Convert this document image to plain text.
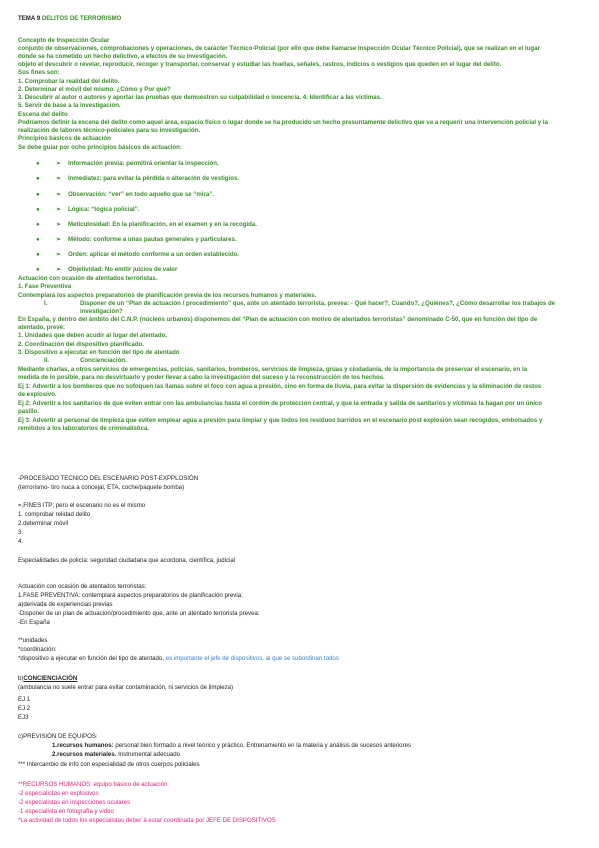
TEMA 9 DELITOS DE TERRORISMO
Concepto de Inspección Ocular
conjunto de observaciones, comprobaciones y operaciones, de carácter Técnico-Policial (por ello que debe llamarse Inspección Ocular Técnico Policial), que se realizan en el lugar
donde se ha cometido un hecho delictivo, a efectos de su investigación.
objeto el descubrir o revelar, reproducir, recoger y transportar, conservar y estudiar las huellas, señales, rastros, indicios o vestigios que queden en el lugar del delito.
Sus fines son:
1. Comprobar la realidad del delito.
2. Determinar el móvil del mismo. ¿Cómo y Por qué?
3. Descubrir al autor o autores y aportar las pruebas que demuestren su culpabilidad o inocencia. 4. Identificar a las víctimas.
5. Servir de base a la investigación.
Escena del delito
Podríamos definir la escena del delito como aquel área, espacio físico o lugar donde se ha producido un hecho presuntamente delictivo que va a requerir una intervención policial y la
realización de labores técnico-policiales para su investigación.
Principios básicos de actuación
Se debe guiar por ocho principios básicos de actuación:
●	➢ Información previa: permitirá orientar la inspección.
●	➢ Inmediatez: para evitar la pérdida o alteración de vestigios.
●	➢ Observación: “ver” en todo aquello que se “mira”.
●	➢ Lógica: “lógica policial”.
●	➢ Meticulosidad: En la planificación, en el examen y en la recogida.
●	➢ Método: conforme a unas pautas generales y particulares.
●	➢ Orden: aplicar el método conforme a un orden establecido.
●	➢ Objetividad: No emitir juicios de valor
Actuación con ocasión de atentados terroristas.
1. Fase Preventiva
Contemplará los aspectos preparatorios de planificación previa de los recursos humanos y materiales.
I.	Disponer de un “Plan de actuación / procedimiento” que, ante un atentado terrorista, prevea: - Qué hacer?, Cuando?, ¿Quiénes?, ¿Cómo desarrollar los trabajos de
investigación?
En España, y dentro del ámbito del C.N.P. (núcleos urbanos) disponemos del “Plan de actuación con motivo de atentados terroristas” denominado C-50, que en función del tipo de
atentado, prevé:
1. Unidades que deben acudir al lugar del atentado.
2. Coordinación del dispositivo planificado.
3. Dispositivo a ejecutar en función del tipo de atentado
II.	Concienciación.
Mediante charlas, a otros servicios de emergencias, policías, sanitarios, bomberos, servicios de limpieza, grúas y ciudadanía, de la importancia de preservar el escenario, en la
medida de lo posible, para no desvirtuarlo y poder llevar a cabo la investigación del suceso y la reconstrucción de los hechos.
Ej 1: Advertir a los bomberos que no sofoquen las llamas sobre el foco con agua a presión, sino en forma de lluvia, para evitar la dispersión de evidencias y la eliminación de restos
de explosivo.
Ej 2: Advertir a los sanitarios de que eviten entrar con las ambulancias hasta el cordón de protección central, y que la entrada y salida de sanitarios y víctimas la hagan por un único
pasillo.
Ej 3: Advertir al personal de limpieza que eviten emplear agua a presión para limpiar y que todos los residuos barridos en el escenario post explosión sean recogidos, embolsados y
remitidos a los laboratorios de criminalística.
-PROCESADO TECNICO DEL ESCENARIO POST-EXPPLOSIÓN
(terrorismo- tiro nuca a concejal, ETA, coche/paquete bomba)
=,FINES ITP; pero el escenario no es el mismo
1. comprobar relidad delito
2.determinar móvil
3.
4.
Especialidades de policía: seguridad ciudadana que acordona, científica, judicial
Actuación con ocasión de atentados terroristas:
1.FASE PREVENTIVA: contemplará aspectos preparatorios de planificación previa:
a)derivada de experiencias previas
-Disponer de un plan de actuacion/procedimiento que, ante un atentado terrorista prevea:
-En España
**unidades
*coordinación:
*dispositivo a ejecutar en función del tipo de atentado, es importante el jefe de dispositivos, al que se subordinan todos
b)CONCIENCIACIÓN
(ambulancia no suele entrar para evitar contaminación, ni servicios de limpieza)
EJ 1
EJ 2
EJ3
c)PREVISIÓN DE EQUIPOS:
1.recursos humanos: personal bien formado a nivel teórico y práctico. Entrenamiento en la materia y análisis de sucesos anteriores
2.recursos materiales. Instrumental adecuado
*** Intercambio de info con especialidad de otros cuerpos policiales
**RECURSOS HUMANOS: equipo básico de actuación
-2 especialistas en explosivos
-2 especialistas en inspecciones oculares
-1 especialista en fotografía y video
*La actividad de todos los especialistas deber´á estar coordinada por JEFE DE DISPOSITIVOS
